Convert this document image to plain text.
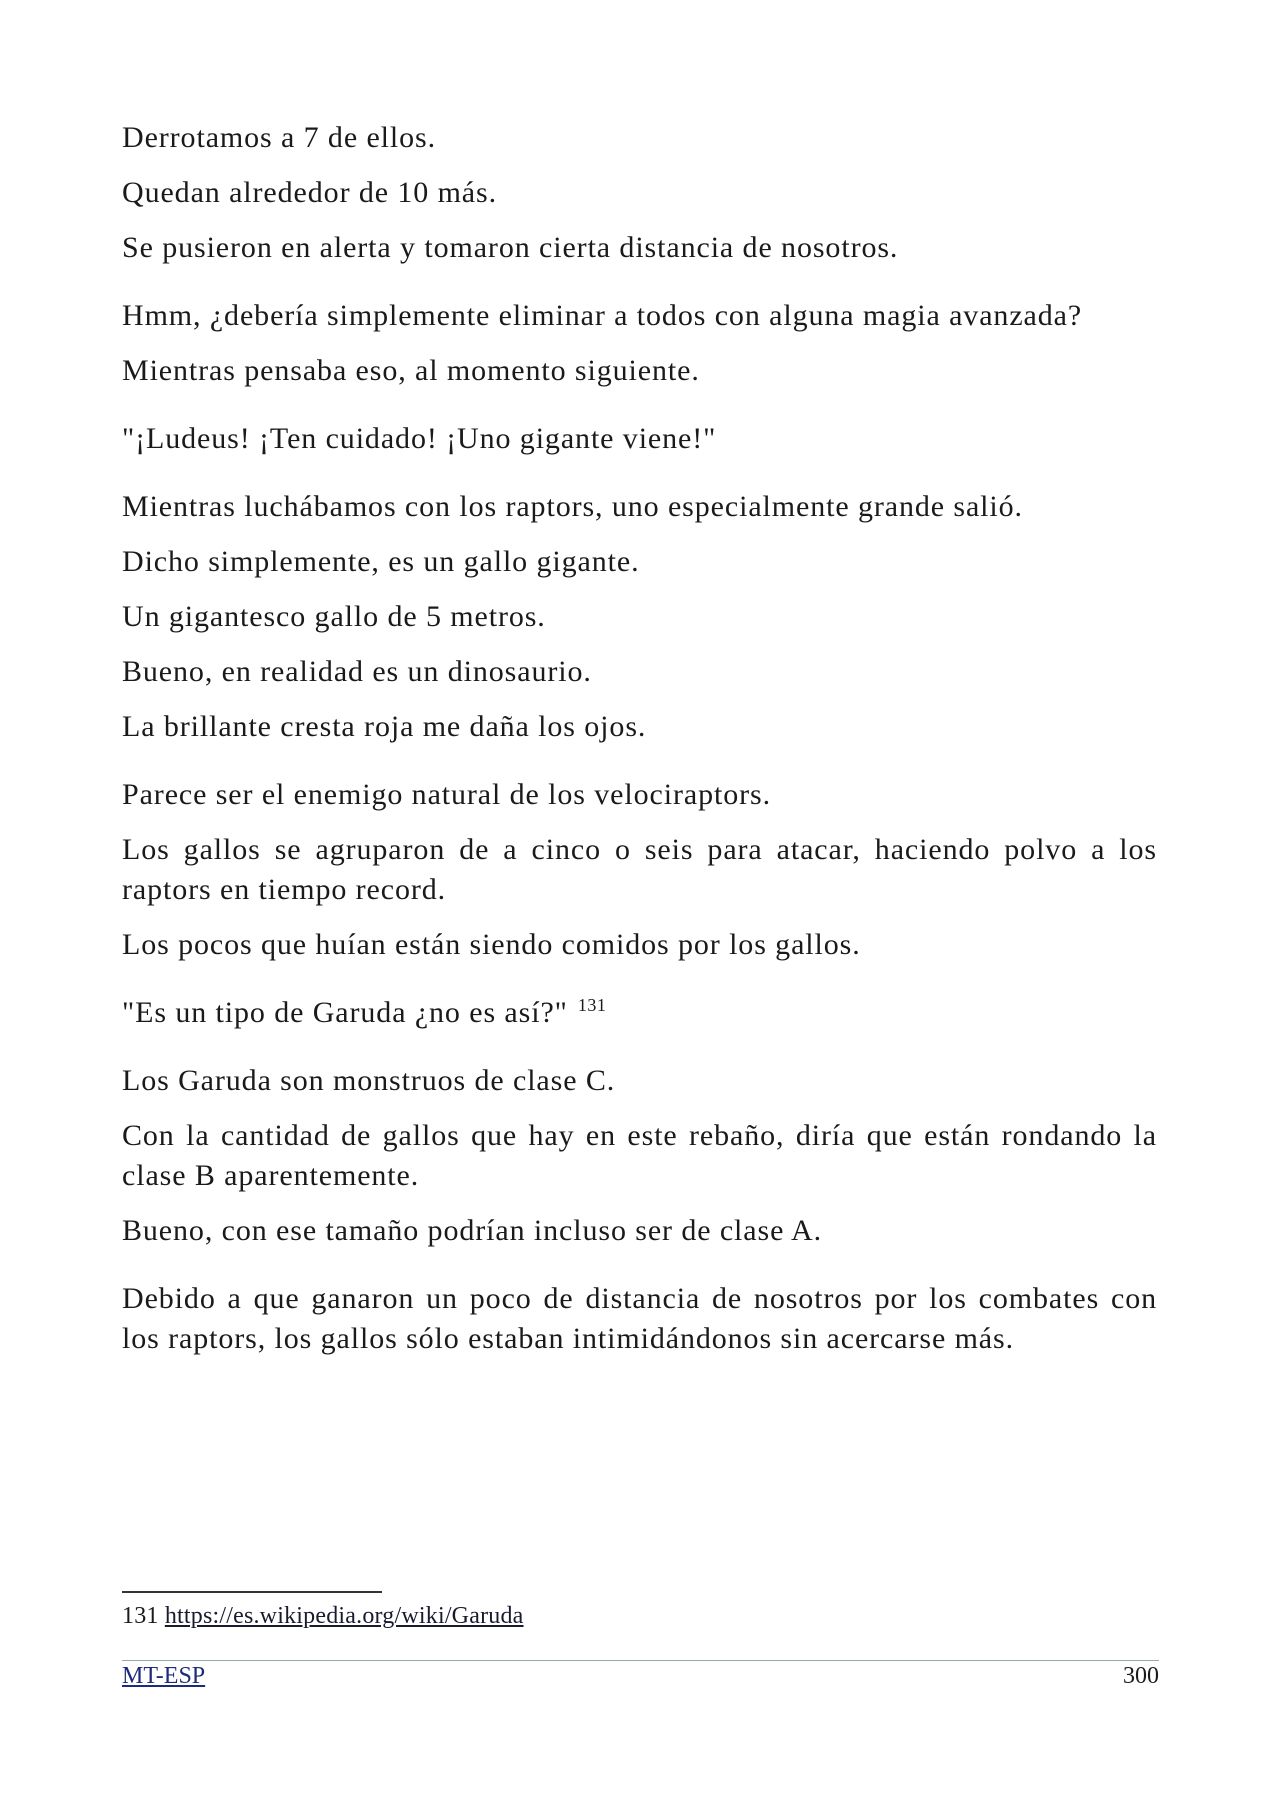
Derrotamos a 7 de ellos.

Quedan alrededor de 10 más.

Se pusieron en alerta y tomaron cierta distancia de nosotros.

Hmm, ¿debería simplemente eliminar a todos con alguna magia avanzada?

Mientras pensaba eso, al momento siguiente.

"¡Ludeus! ¡Ten cuidado! ¡Uno gigante viene!"

Mientras luchábamos con los raptors, uno especialmente grande salió.

Dicho simplemente, es un gallo gigante.

Un gigantesco gallo de 5 metros.

Bueno, en realidad es un dinosaurio.

La brillante cresta roja me daña los ojos.

Parece ser el enemigo natural de los velociraptors.

Los gallos se agruparon de a cinco o seis para atacar, haciendo polvo a los raptors en tiempo record.

Los pocos que huían están siendo comidos por los gallos.

"Es un tipo de Garuda ¿no es así?" $^{131}$

Los Garuda son monstruos de clase C.

Con la cantidad de gallos que hay en este rebaño, diría que están rondando la clase B aparentemente.

Bueno, con ese tamaño podrían incluso ser de clase A.

Debido a que ganaron un poco de distancia de nosotros por los combates con los raptors, los gallos sólo estaban intimidándonos sin acercarse más.

131 https://es.wikipedia.org/wiki/Garuda
MT-ESP	300
